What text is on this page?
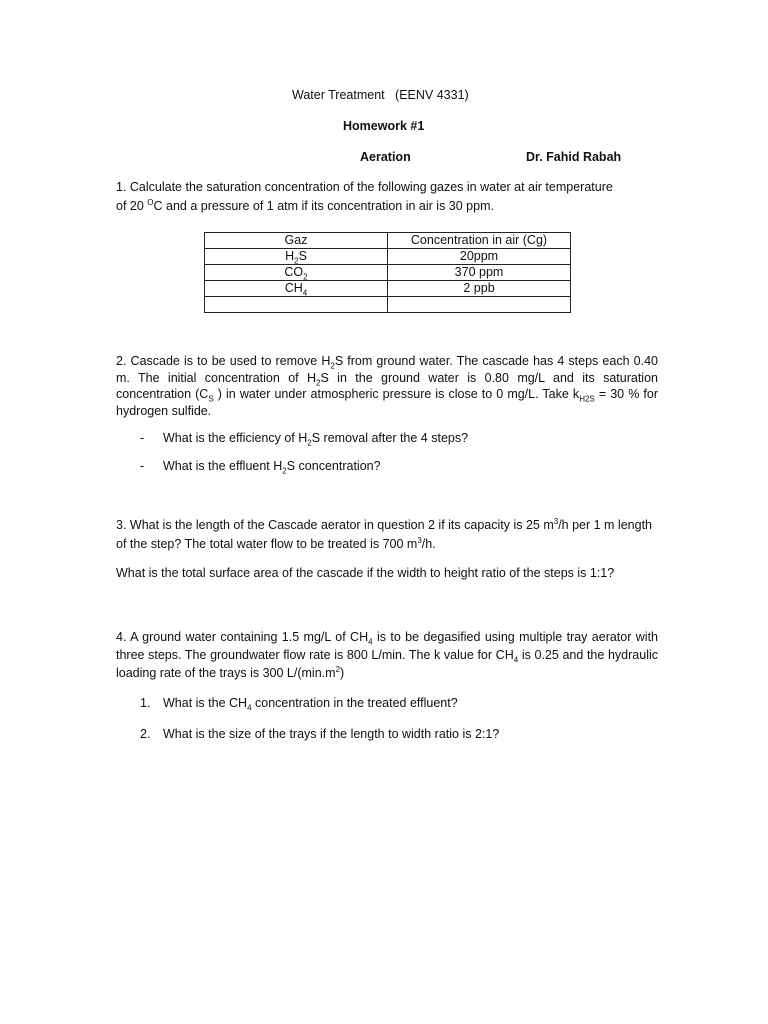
Water Treatment   (EENV 4331)
Homework #1
Aeration	Dr. Fahid Rabah
1. Calculate the saturation concentration of the following gazes in water at air temperature
of 20 $^O$C and a pressure of 1 atm if its concentration in air is 30 ppm.
Gaz	Concentration in air (Cg)
$H_2S$	20ppm
$CO_2$	370 ppm
$CH_4$	2 ppb

2. Cascade is to be used to remove $H_2S$ from ground water. The cascade has 4 steps each 0.40 m. The initial concentration of $H_2S$ in the ground water is 0.80 mg/L and its saturation concentration ($C_S$ ) in water under atmospheric pressure is close to 0 mg/L. Take $k_{H2S} = 30$ % for hydrogen sulfide.
- What is the efficiency of $H_2S$ removal after the 4 steps?
- What is the effluent $H_2S$ concentration?
3. What is the length of the Cascade aerator in question 2 if its capacity is 25 $m^3/h$ per 1 m length of the step? The total water flow to be treated is 700 $m^3/h$.
What is the total surface area of the cascade if the width to height ratio of the steps is 1:1?
4. A ground water containing 1.5 mg/L of $CH_4$ is to be degasified using multiple tray aerator with three steps. The groundwater flow rate is 800 L/min. The k value for $CH_4$ is 0.25 and the hydraulic loading rate of the trays is 300 $L/(\min.m^2)$
1. What is the $CH_4$ concentration in the treated effluent?
2. What is the size of the trays if the length to width ratio is 2:1?
